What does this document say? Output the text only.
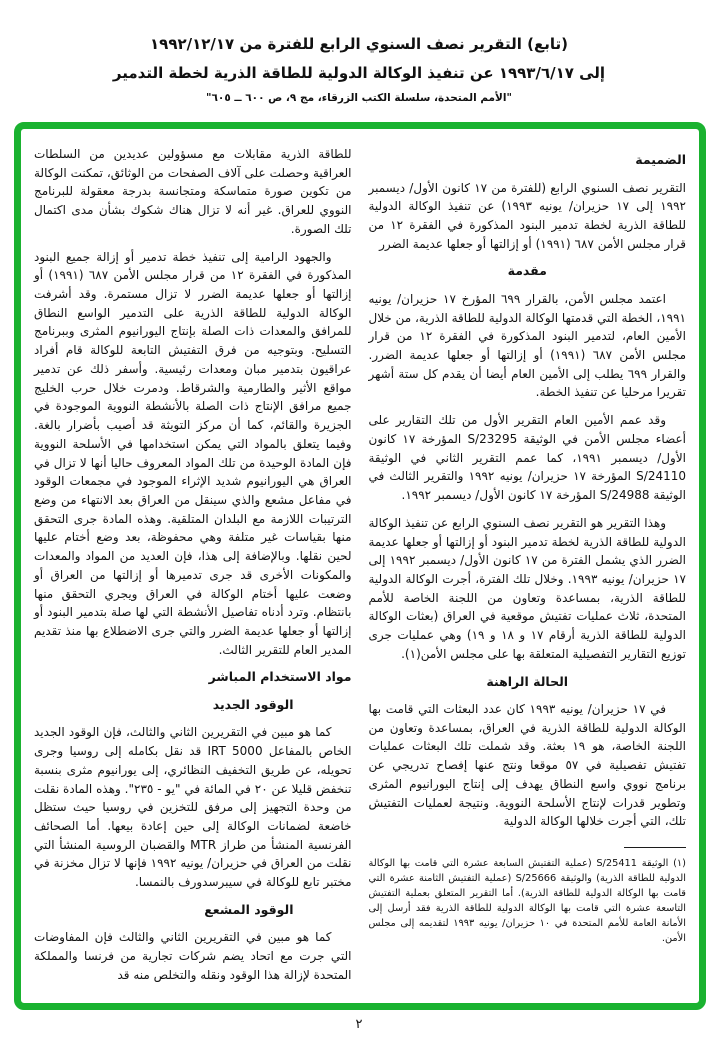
(تابع) التقرير نصف السنوي الرابع للفترة من ١٩٩٢/١٢/١٧
إلى ١٩٩٣/٦/١٧ عن تنفيذ الوكالة الدولية للطاقة الذرية لخطة التدمير
"الأمم المتحدة، سلسلة الكتب الزرقاء، مج ٩، ص ٦٠٠ ــ ٦٠٥"
الضميمة

التقرير نصف السنوي الرابع (للفترة من ١٧ كانون الأول/ ديسمبر ١٩٩٢ إلى ١٧ حزيران/ يونيه ١٩٩٣) عن تنفيذ الوكالة الدولية للطاقة الذرية لخطة تدمير البنود المذكورة في الفقرة ١٢ من قرار مجلس الأمن ٦٨٧ (١٩٩١) أو إزالتها أو جعلها عديمة الضرر

مقدمة

اعتمد مجلس الأمن، بالقرار ٦٩٩ المؤرخ ١٧ حزيران/ يونيه ١٩٩١، الخطة التي قدمتها الوكالة الدولية للطاقة الذرية، من خلال الأمين العام، لتدمير البنود المذكورة في الفقرة ١٢ من قرار مجلس الأمن ٦٨٧ (١٩٩١) أو إزالتها أو جعلها عديمة الضرر. والقرار ٦٩٩ يطلب إلى الأمين العام أيضا أن يقدم كل ستة أشهر تقريرا مرحليا عن تنفيذ الخطة.

وقد عمم الأمين العام التقرير الأول من تلك التقارير على أعضاء مجلس الأمن في الوثيقة S/23295 المؤرخة ١٧ كانون الأول/ ديسمبر ١٩٩١، كما عمم التقرير الثاني في الوثيقة S/24110 المؤرخة ١٧ حزيران/ يونيه ١٩٩٢ والتقرير الثالث في الوثيقة S/24988 المؤرخة ١٧ كانون الأول/ ديسمبر ١٩٩٢.

وهذا التقرير هو التقرير نصف السنوي الرابع عن تنفيذ الوكالة الدولية للطاقة الذرية لخطة تدمير البنود أو إزالتها أو جعلها عديمة الضرر الذي يشمل الفترة من ١٧ كانون الأول/ ديسمبر ١٩٩٢ إلى ١٧ حزيران/ يونيه ١٩٩٣. وخلال تلك الفترة، أجرت الوكالة الدولية للطاقة الذرية، بمساعدة وتعاون من اللجنة الخاصة للأمم المتحدة، ثلاث عمليات تفتيش موقعية في العراق (بعثات الوكالة الدولية للطاقة الذرية أرقام ١٧ و ١٨ و ١٩) وهي عمليات جرى توزيع التقارير التفصيلية المتعلقة بها على مجلس الأمن(١).

الحالة الراهنة

في ١٧ حزيران/ يونيه ١٩٩٣ كان عدد البعثات التي قامت بها الوكالة الدولية للطاقة الذرية في العراق، بمساعدة وتعاون من اللجنة الخاصة، هو ١٩ بعثة. وقد شملت تلك البعثات عمليات تفتيش تفصيلية في ٥٧ موقعا ونتج عنها إفصاح تدريجي عن برنامج نووي واسع النطاق يهدف إلى إنتاج اليورانيوم المثرى وتطوير قدرات لإنتاج الأسلحة النووية. ونتيجة لعمليات التفتيش تلك، التي أجرت خلالها الوكالة الدولية

(١) الوثيقة S/25411 (عملية التفتيش السابعة عشرة التي قامت بها الوكالة الدولية للطاقة الذرية) والوثيقة S/25666 (عملية التفتيش الثامنة عشرة التي قامت بها الوكالة الدولية للطاقة الذرية). أما التقرير المتعلق بعملية التفتيش التاسعة عشرة التي قامت بها الوكالة الدولية للطاقة الذرية فقد أرسل إلى الأمانة العامة للأمم المتحدة في ١٠ حزيران/ يونيه ١٩٩٣ لتقديمه إلى مجلس الأمن.

للطاقة الذرية مقابلات مع مسؤولين عديدين من السلطات العراقية وحصلت على آلاف الصفحات من الوثائق، تمكنت الوكالة من تكوين صورة متماسكة ومتجانسة بدرجة معقولة للبرنامج النووي للعراق. غير أنه لا تزال هناك شكوك بشأن مدى اكتمال تلك الصورة.

والجهود الرامية إلى تنفيذ خطة تدمير أو إزالة جميع البنود المذكورة في الفقرة ١٢ من قرار مجلس الأمن ٦٨٧ (١٩٩١) أو إزالتها أو جعلها عديمة الضرر لا تزال مستمرة. وقد أشرفت الوكالة الدولية للطاقة الذرية على التدمير الواسع النطاق للمرافق والمعدات ذات الصلة بإنتاج اليورانيوم المثرى وببرنامج التسليح. وبتوجيه من فرق التفتيش التابعة للوكالة قام أفراد عراقيون بتدمير مبان ومعدات رئيسية. وأسفر ذلك عن تدمير مواقع الأثير والطارمية والشرقاط. ودمرت خلال حرب الخليج جميع مرافق الإنتاج ذات الصلة بالأنشطة النووية الموجودة في الجزيرة والقائم، كما أن مركز التويثة قد أصيب بأضرار بالغة. وفيما يتعلق بالمواد التي يمكن استخدامها في الأسلحة النووية فإن المادة الوحيدة من تلك المواد المعروف حاليا أنها لا تزال في العراق هي اليورانيوم شديد الإثراء الموجود في مجمعات الوقود في مفاعل مشعع والذي سينقل من العراق بعد الانتهاء من وضع الترتيبات اللازمة مع البلدان المتلقية. وهذه المادة جرى التحقق منها بقياسات غير متلفة وهي محفوظة، بعد وضع أختام عليها لحين نقلها. وبالإضافة إلى هذا، فإن العديد من المواد والمعدات والمكونات الأخرى قد جرى تدميرها أو إزالتها من العراق أو وضعت عليها أختام الوكالة في العراق ويجري التحقق منها بانتظام. وترد أدناه تفاصيل الأنشطة التي لها صلة بتدمير البنود أو إزالتها أو جعلها عديمة الضرر والتي جرى الاضطلاع بها منذ تقديم المدير العام للتقرير الثالث.

مواد الاستخدام المباشر
الوقود الجديد

كما هو مبين في التقريرين الثاني والثالث، فإن الوقود الجديد الخاص بالمفاعل IRT 5000 قد نقل بكامله إلى روسيا وجرى تحويله، عن طريق التخفيف النظائري، إلى يورانيوم مثرى بنسبة تنخفض قليلا عن ٢٠ في المائة في "يو - ٢٣٥". وهذه المادة نقلت من وحدة التجهيز إلى مرفق للتخزين في روسيا حيث ستظل خاضعة لضمانات الوكالة إلى حين إعادة بيعها. أما الصحائف الفرنسية المنشأ من طراز MTR والقضبان الروسية المنشأ التي نقلت من العراق في حزيران/ يونيه ١٩٩٢ فإنها لا تزال مخزنة في مختبر تابع للوكالة في سيبرسدورف بالنمسا.

الوقود المشعع

كما هو مبين في التقريرين الثاني والثالث فإن المفاوضات التي جرت مع اتحاد يضم شركات تجارية من فرنسا والمملكة المتحدة لإزالة هذا الوقود ونقله والتخلص منه قد

٢
